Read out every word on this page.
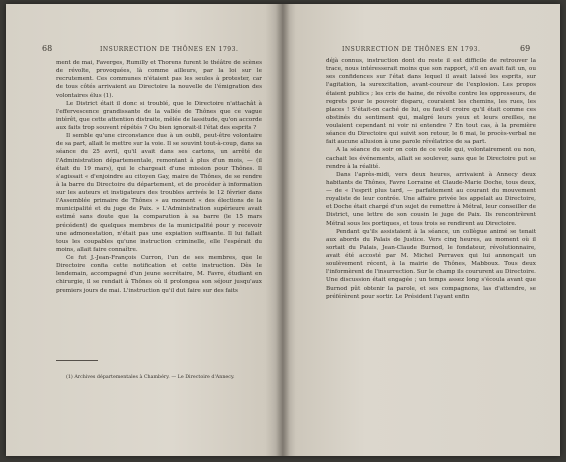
68	INSURRECTION DE THÔNES EN 1793.

ment de mai, Faverges, Rumilly et Thorens furent le théâtre de scènes de révolte, provoquées, là comme ailleurs, par la loi sur le recrutement. Ces communes n'étaient pas les seules à protester, car de tous côtés arrivaient au Directoire la nouvelle de l'émigration des volontaires élus (1).

Le District était il donc si troublé, que le Directoire n'attachât à l'effervescence grandissante de la vallée de Thônes que ce vague intérêt, que cette attention distraite, mêlée de lassitude, qu'on accorde aux faits trop souvent répétés ? Ou bien ignorait-il l'état des esprits ?

Il semble qu'une circonstance due à un oubli, peut-être volontaire de sa part, allait le mettre sur la voie. Il se souvint tout-à-coup, dans sa séance du 25 avril, qu'il avait dans ses cartons, un arrêté de l'Administration départementale, remontant à plus d'un mois, — (il était du 19 mars), qui le chargeait d'une mission pour Thônes. Il s'agissait « d'enjoindre au citoyen Gay, maire de Thônes, de se rendre à la barre du Directoire du département, et de procéder à information sur les auteurs et instigateurs des troubles arrivés le 12 février dans l'Assemblée primaire de Thônes » au moment « des élections de la municipalité et du juge de Paix. » L'Administration supérieure avait estimé sans doute que la comparution à sa barre (le 15 mars précédent) de quelques membres de la municipalité pour y recevoir une admonestation, n'était pas une expiation suffisante. Il lui fallait tous les coupables qu'une instruction criminelle, elle l'espérait du moins, allait faire connaître.

Ce fut J.-Jean-François Curron, l'un de ses membres, que le Directoire confia cette notification et cette instruction. Dès le lendemain, accompagné d'un jeune secrétaire, M. Favre, étudiant en chirurgie, il se rendait à Thônes où il prolongea son séjour jusqu'aux premiers jours de mai. L'instruction qu'il dut faire sur des faits

(1) Archives départementales à Chambéry. — Le Directoire d'Annecy.
INSURRECTION DE THÔNES EN 1793.	69

déjà connus, instruction dont du reste il est difficile de retrouver la trace, nous intéresserait moins que son rapport, s'il en avait fait un, ou ses confidences sur l'état dans lequel il avait laissé les esprits, sur l'agitation, la surexcitation, avant-coureur de l'explosion. Les propos étaient publics ; les cris de haine, de révolte contre les oppresseurs, de regrets pour le pouvoir disparu, couraient les chemins, les rues, les places ! S'était-on caché de lui, ou faut-il croire qu'il était comme ces obstinés du sentiment qui, malgré leurs yeux et leurs oreilles, ne voulaient cependant ni voir ni entendre ? En tout cas, à la première séance du Directoire qui suivit son retour, le 6 mai, le procès-verbal ne fait aucune allusion à une parole révélatrice de sa part.

A la séance du soir on coin de ce voile qui, volontairement ou non, cachait les événements, allait se soulever, sans que le Directoire put se rendre à la réalité.

Dans l'après-midi, vers deux heures, arrivaient à Annecy deux habitants de Thônes, Favre Lorraine et Claude-Marie Doche, tous deux, — de « l'esprit plus tard, — parfaitement au courant du mouvement royaliste de leur contrée. Une affaire privée les appelait au Directoire, et Doche était chargé d'un sujet de remettre à Métral, leur conseiller de District, une lettre de son cousin le juge de Paix. Ils rencontrèrent Métral sous les portiques, et tous trois se rendirent au Directoire.

Pendant qu'ils assistaient à la séance, un collègue animé se tenait aux abords du Palais de Justice. Vers cinq heures, au moment où il sortait du Palais, Jean-Claude Burnod, le fondateur, révolutionnaire, avait été accosté par M. Michel Perravex qui lui annonçait un soulèvement récent, à la mairie de Thônes, Mabboux. Tous deux l'informèrent de l'insurrection. Sur le champ ils coururent au Directoire. Une discussion était engagée ; un temps assez long s'écoula avant que Burnod pût obtenir la parole, et ses compagnons, las d'attendre, se préférèrent pour sortir. Le Président l'ayant enfin
